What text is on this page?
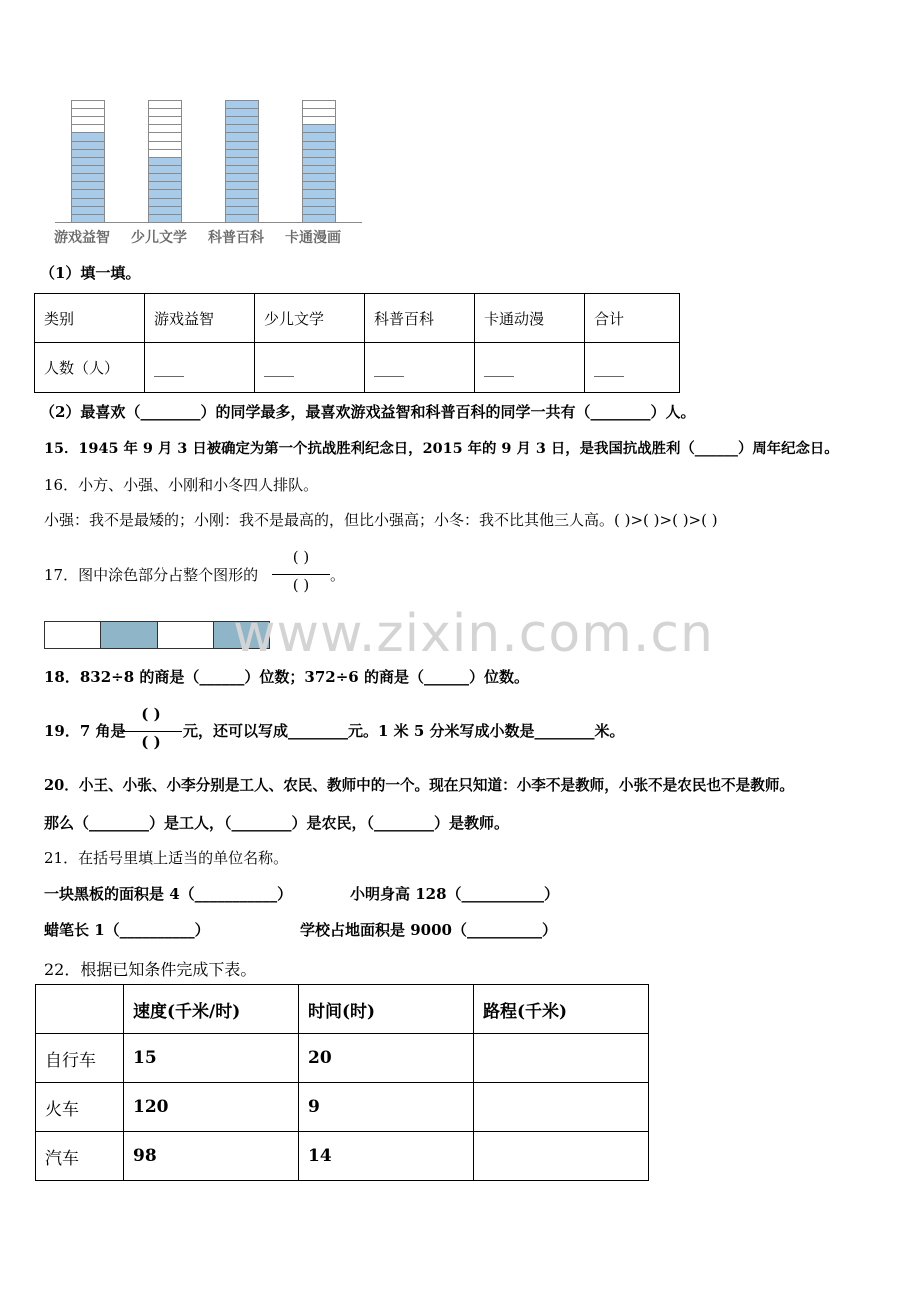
游戏益智 少儿文学 科普百科 卡通漫画
（1）填一填。
类别	游戏益智	少儿文学	科普百科	卡通动漫	合计
人数（人）	____	____	____	____	____
（2）最喜欢（________）的同学最多，最喜欢游戏益智和科普百科的同学一共有（________）人。
15．1945 年 9 月 3 日被确定为第一个抗战胜利纪念日，2015 年的 9 月 3 日，是我国抗战胜利（______）周年纪念日。
16．小方、小强、小刚和小冬四人排队。
小强：我不是最矮的；小刚：我不是最高的，但比小强高；小冬：我不比其他三人高。( )>( )>( )>( )
17．图中涂色部分占整个图形的
( )
( )
。
www.zixin.com.cn
18．832÷8 的商是（______）位数；372÷6 的商是（______）位数。
19．7 角是
( )
( )
元，还可以写成________元。1 米 5 分米写成小数是________米。
20．小王、小张、小李分别是工人、农民、教师中的一个。现在只知道：小李不是教师，小张不是农民也不是教师。
那么（________）是工人，（________）是农民，（________）是教师。
21．在括号里填上适当的单位名称。
一块黑板的面积是 4（___________）	小明身高 128（___________）
蜡笔长 1（__________）	学校占地面积是 9000（__________）
22．根据已知条件完成下表。
	速度(千米/时)	时间(时)	路程(千米)
自行车	15	20	
火车	120	9	
汽车	98	14	
